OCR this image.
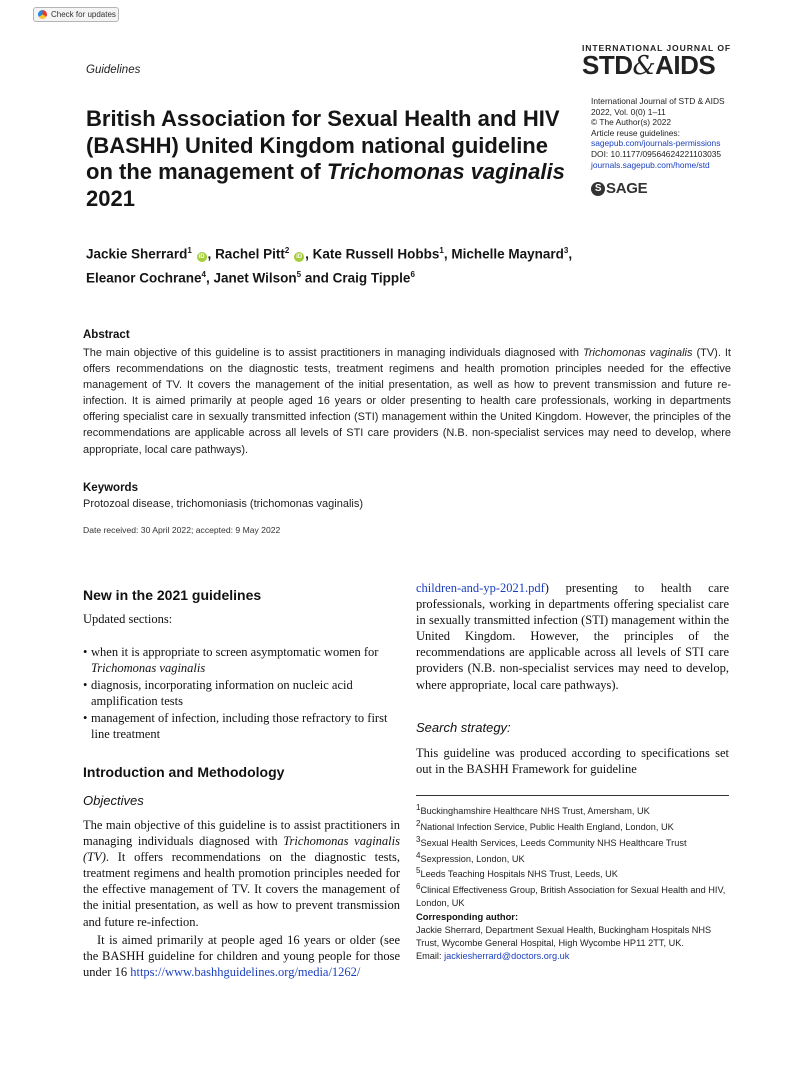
Check for updates
Guidelines
INTERNATIONAL JOURNAL OF
STD&AIDS
International Journal of STD & AIDS
2022, Vol. 0(0) 1–11
© The Author(s) 2022
Article reuse guidelines:
sagepub.com/journals-permissions
DOI: 10.1177/09564624221103035
journals.sagepub.com/home/std
S SAGE
British Association for Sexual Health and HIV (BASHH) United Kingdom national guideline on the management of Trichomonas vaginalis 2021
Jackie Sherrard$^1$ iD , Rachel Pitt$^2$ iD , Kate Russell Hobbs$^1$, Michelle Maynard$^3$, Eleanor Cochrane$^4$, Janet Wilson$^5$ and Craig Tipple$^6$
Abstract
The main objective of this guideline is to assist practitioners in managing individuals diagnosed with Trichomonas vaginalis (TV). It offers recommendations on the diagnostic tests, treatment regimens and health promotion principles needed for the effective management of TV. It covers the management of the initial presentation, as well as how to prevent transmission and future re-infection. It is aimed primarily at people aged 16 years or older presenting to health care professionals, working in departments offering specialist care in sexually transmitted infection (STI) management within the United Kingdom. However, the principles of the recommendations are applicable across all levels of STI care providers (N.B. non-specialist services may need to develop, where appropriate, local care pathways).
Keywords
Protozoal disease, trichomoniasis (trichomonas vaginalis)
Date received: 30 April 2022; accepted: 9 May 2022
New in the 2021 guidelines
Updated sections:
• when it is appropriate to screen asymptomatic women for Trichomonas vaginalis
• diagnosis, incorporating information on nucleic acid amplification tests
• management of infection, including those refractory to first line treatment
Introduction and Methodology
Objectives

The main objective of this guideline is to assist practitioners in managing individuals diagnosed with Trichomonas vaginalis (TV). It offers recommendations on the diagnostic tests, treatment regimens and health promotion principles needed for the effective management of TV. It covers the management of the initial presentation, as well as how to prevent transmission and future re-infection.

It is aimed primarily at people aged 16 years or older (see the BASHH guideline for children and young people for those under 16 https://www.bashhguidelines.org/media/1262/

children-and-yp-2021.pdf) presenting to health care professionals, working in departments offering specialist care in sexually transmitted infection (STI) management within the United Kingdom. However, the principles of the recommendations are applicable across all levels of STI care providers (N.B. non-specialist services may need to develop, where appropriate, local care pathways).
Search strategy:
This guideline was produced according to specifications set out in the BASHH Framework for guideline
$^1$Buckinghamshire Healthcare NHS Trust, Amersham, UK
$^2$National Infection Service, Public Health England, London, UK
$^3$Sexual Health Services, Leeds Community NHS Healthcare Trust
$^4$Sexpression, London, UK
$^5$Leeds Teaching Hospitals NHS Trust, Leeds, UK
$^6$Clinical Effectiveness Group, British Association for Sexual Health and HIV, London, UK
Corresponding author:
Jackie Sherrard, Department Sexual Health, Buckingham Hospitals NHS Trust, Wycombe General Hospital, High Wycombe HP11 2TT, UK.
Email: jackiesherrard@doctors.org.uk
